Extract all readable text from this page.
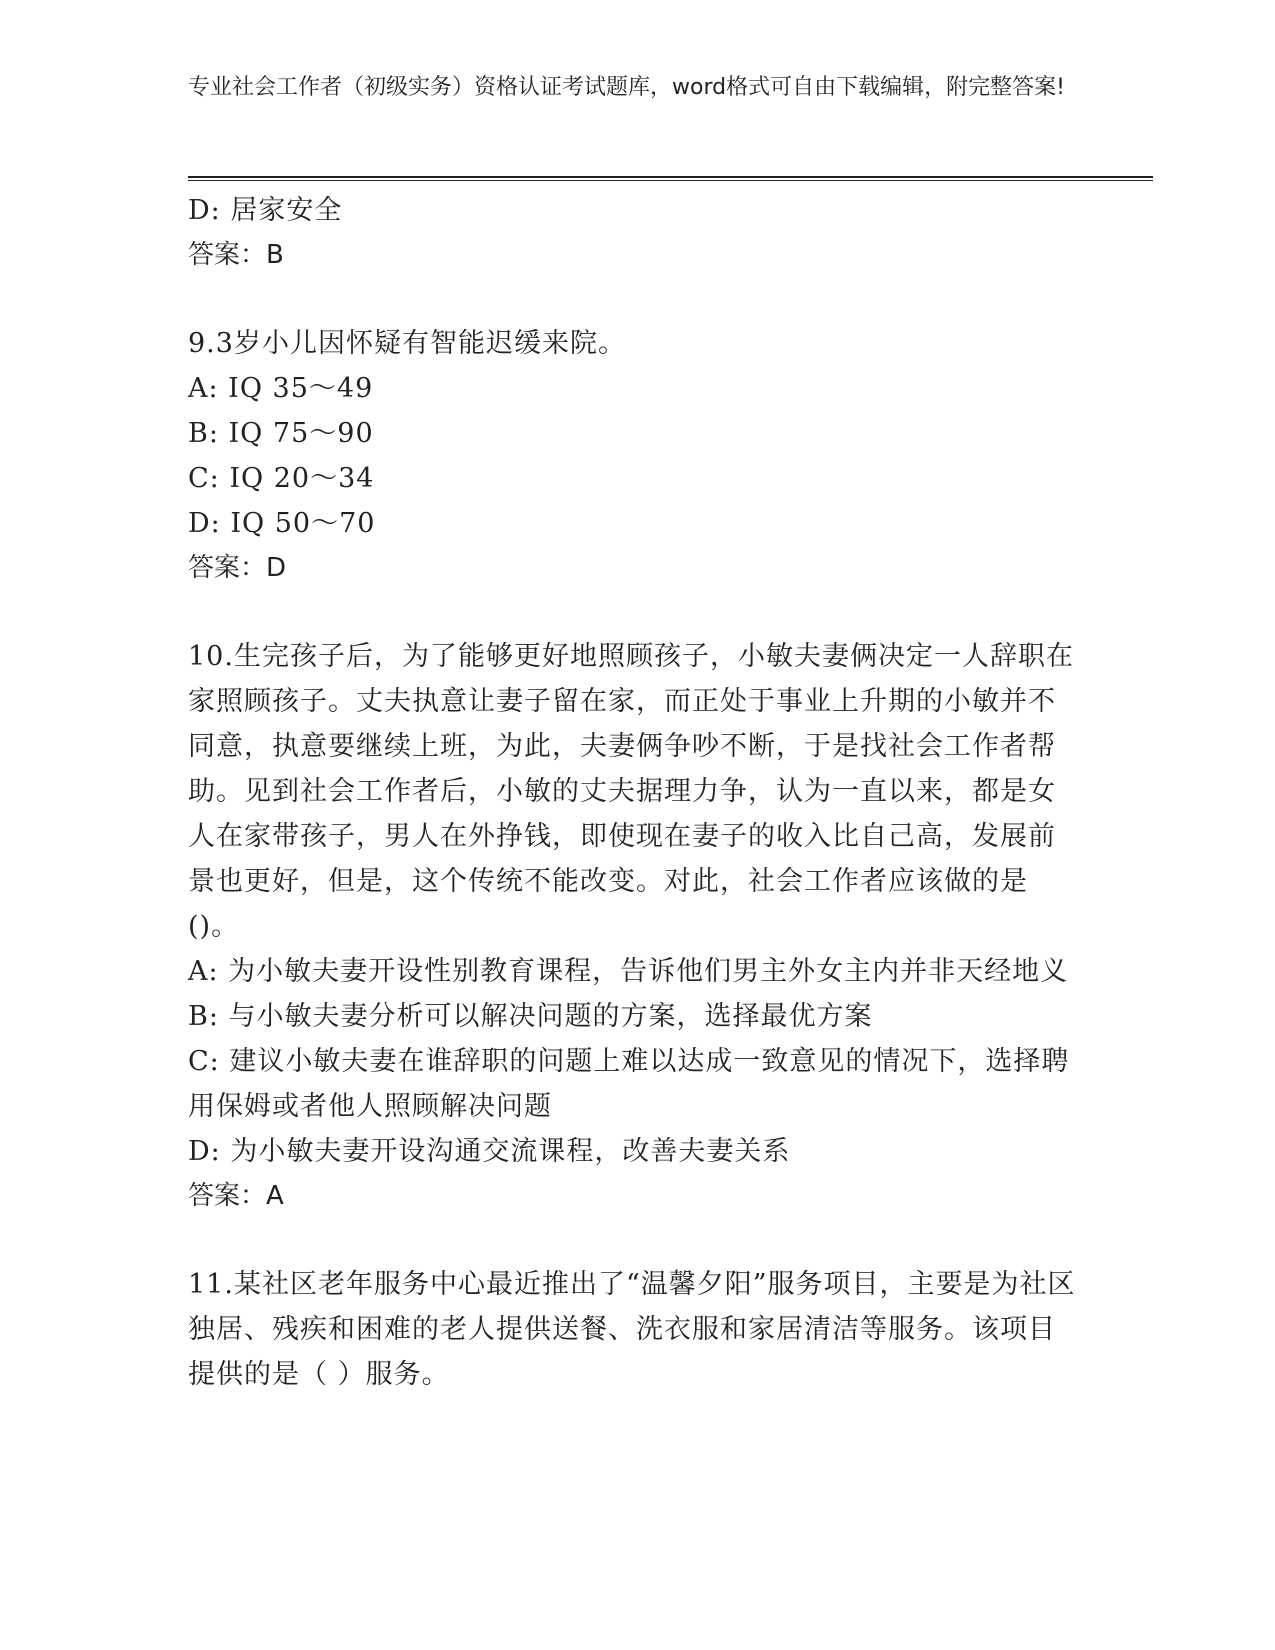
专业社会工作者（初级实务）资格认证考试题库，word格式可自由下载编辑，附完整答案!
D: 居家安全
答案：B
9.3岁小儿因怀疑有智能迟缓来院。
A: IQ 35～49
B: IQ 75～90
C: IQ 20～34
D: IQ 50～70
答案：D
10.生完孩子后，为了能够更好地照顾孩子，小敏夫妻俩决定一人辞职在家照顾孩子。丈夫执意让妻子留在家，而正处于事业上升期的小敏并不同意，执意要继续上班，为此，夫妻俩争吵不断，于是找社会工作者帮助。见到社会工作者后，小敏的丈夫据理力争，认为一直以来，都是女人在家带孩子，男人在外挣钱，即使现在妻子的收入比自己高，发展前景也更好，但是，这个传统不能改变。对此，社会工作者应该做的是()。
A: 为小敏夫妻开设性别教育课程，告诉他们男主外女主内并非天经地义
B: 与小敏夫妻分析可以解决问题的方案，选择最优方案
C: 建议小敏夫妻在谁辞职的问题上难以达成一致意见的情况下，选择聘用保姆或者他人照顾解决问题
D: 为小敏夫妻开设沟通交流课程，改善夫妻关系
答案：A
11.某社区老年服务中心最近推出了“温馨夕阳”服务项目，主要是为社区独居、残疾和困难的老人提供送餐、洗衣服和家居清洁等服务。该项目提供的是（ ）服务。
